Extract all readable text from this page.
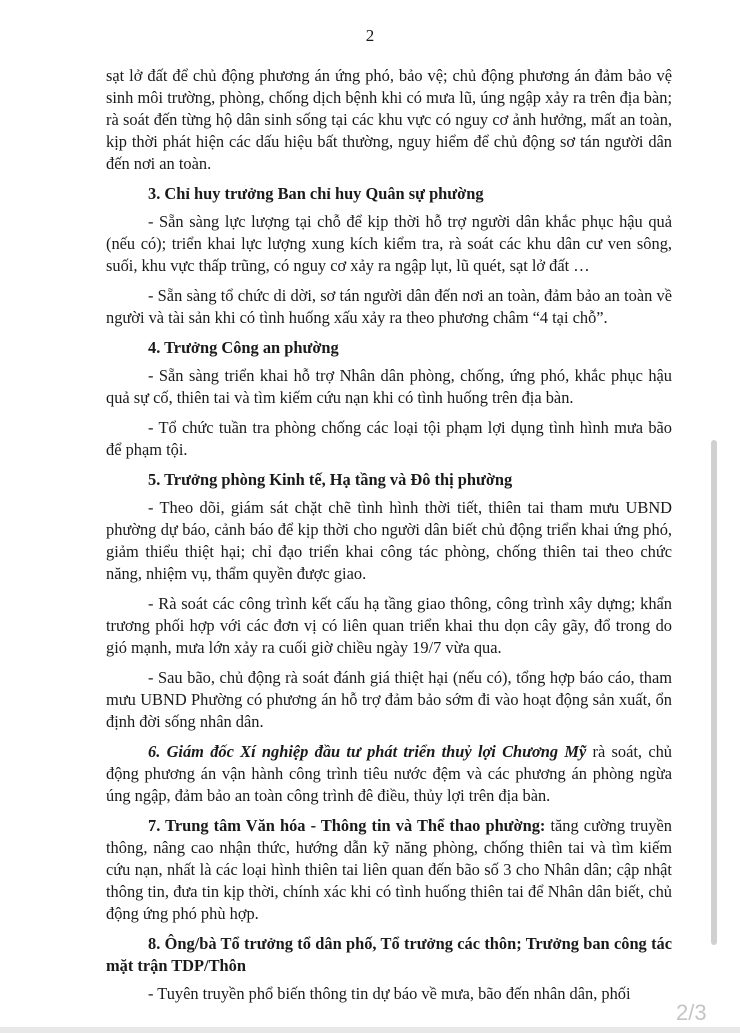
2

sạt lở đất để chủ động phương án ứng phó, bảo vệ; chủ động phương án đảm bảo vệ sinh môi trường, phòng, chống dịch bệnh khi có mưa lũ, úng ngập xảy ra trên địa bàn; rà soát đến từng hộ dân sinh sống tại các khu vực có nguy cơ ảnh hưởng, mất an toàn, kịp thời phát hiện các dấu hiệu bất thường, nguy hiểm để chủ động sơ tán người dân đến nơi an toàn.

3. Chỉ huy trưởng Ban chỉ huy Quân sự phường

- Sẵn sàng lực lượng tại chỗ để kịp thời hỗ trợ người dân khắc phục hậu quả (nếu có); triển khai lực lượng xung kích kiểm tra, rà soát các khu dân cư ven sông, suối, khu vực thấp trũng, có nguy cơ xảy ra ngập lụt, lũ quét, sạt lở đất …

- Sẵn sàng tổ chức di dời, sơ tán người dân đến nơi an toàn, đảm bảo an toàn về người và tài sản khi có tình huống xấu xảy ra theo phương châm “4 tại chỗ”.

4. Trưởng Công an phường

- Sẵn sàng triển khai hỗ trợ Nhân dân phòng, chống, ứng phó, khắc phục hậu quả sự cố, thiên tai và tìm kiếm cứu nạn khi có tình huống trên địa bàn.

- Tổ chức tuần tra phòng chống các loại tội phạm lợi dụng tình hình mưa bão để phạm tội.

5. Trưởng phòng Kinh tế, Hạ tầng và Đô thị phường

- Theo dõi, giám sát chặt chẽ tình hình thời tiết, thiên tai tham mưu UBND phường dự báo, cảnh báo để kịp thời cho người dân biết chủ động triển khai ứng phó, giảm thiểu thiệt hại; chỉ đạo triển khai công tác phòng, chống thiên tai theo chức năng, nhiệm vụ, thẩm quyền được giao.

- Rà soát các công trình kết cấu hạ tầng giao thông, công trình xây dựng; khẩn trương phối hợp với các đơn vị có liên quan triển khai thu dọn cây gãy, đổ trong do gió mạnh, mưa lớn xảy ra cuối giờ chiều ngày 19/7 vừa qua.

- Sau bão, chủ động rà soát đánh giá thiệt hại (nếu có), tổng hợp báo cáo, tham mưu UBND Phường có phương án hỗ trợ đảm bảo sớm đi vào hoạt động sản xuất, ổn định đời sống nhân dân.

6. Giám đốc Xí nghiệp đầu tư phát triển thuỷ lợi Chương Mỹ rà soát, chủ động phương án vận hành công trình tiêu nước đệm và các phương án phòng ngừa úng ngập, đảm bảo an toàn công trình đê điều, thủy lợi trên địa bàn.

7. Trung tâm Văn hóa - Thông tin và Thể thao phường: tăng cường truyền thông, nâng cao nhận thức, hướng dẫn kỹ năng phòng, chống thiên tai và tìm kiếm cứu nạn, nhất là các loại hình thiên tai liên quan đến bão số 3 cho Nhân dân; cập nhật thông tin, đưa tin kịp thời, chính xác khi có tình huống thiên tai để Nhân dân biết, chủ động ứng phó phù hợp.

8. Ông/bà Tổ trưởng tổ dân phố, Tổ trưởng các thôn; Trưởng ban công tác mặt trận TDP/Thôn

- Tuyên truyền phổ biến thông tin dự báo về mưa, bão đến nhân dân, phối

2/3
